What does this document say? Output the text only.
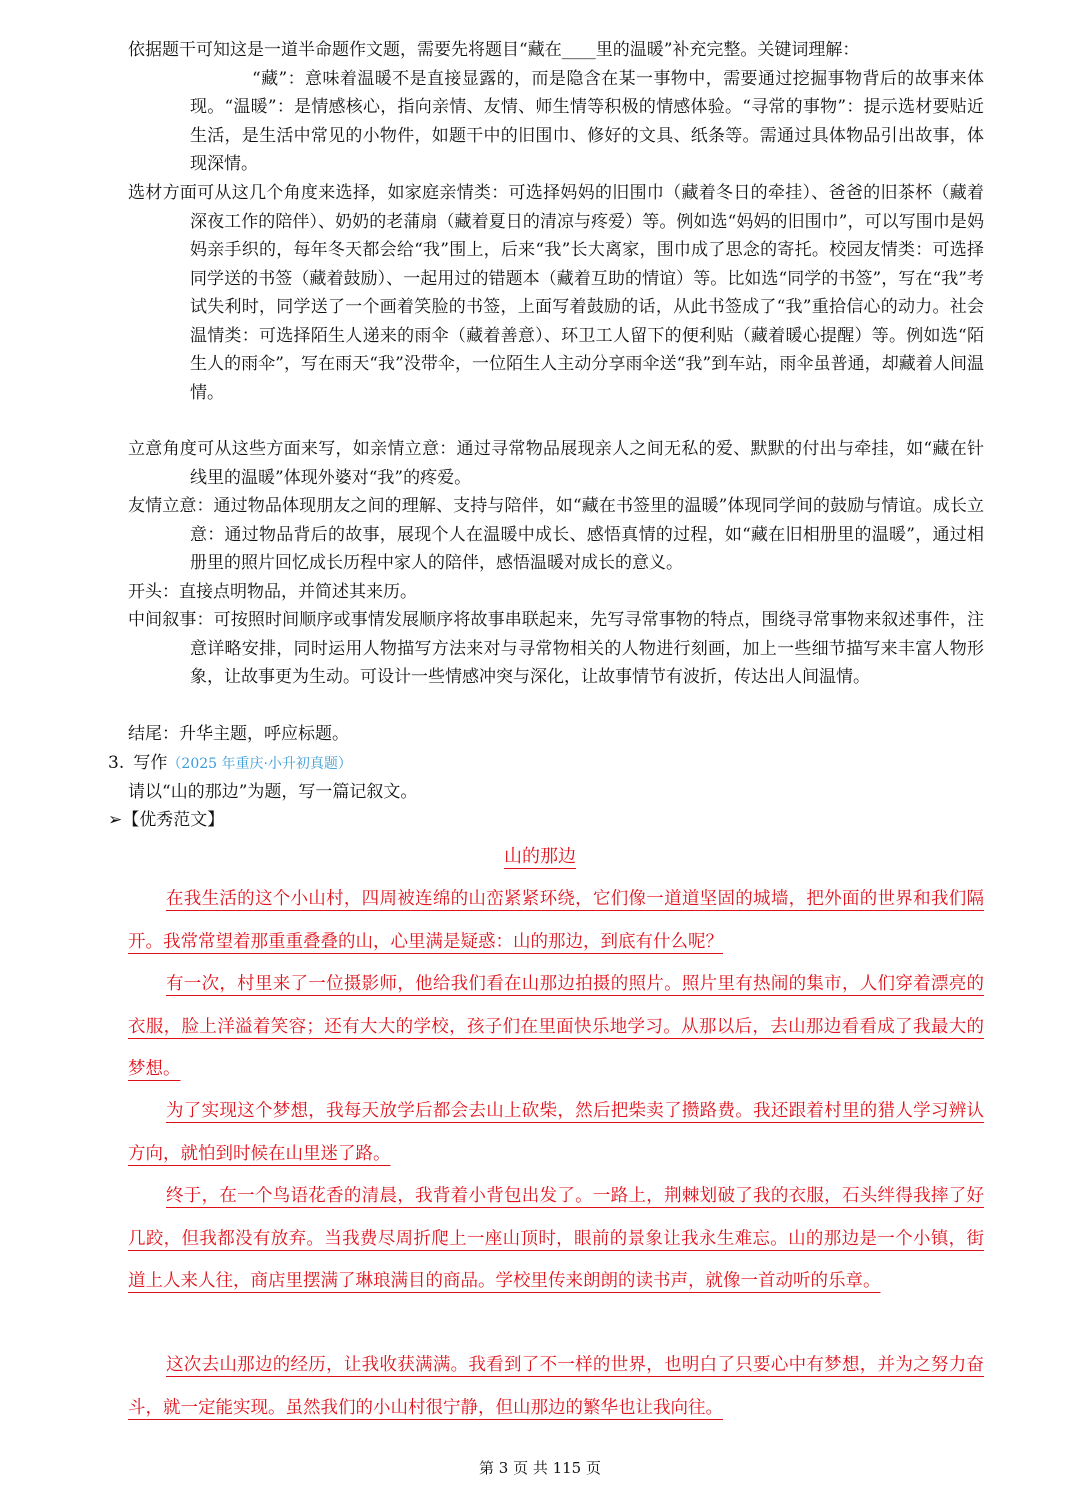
依据题干可知这是一道半命题作文题，需要先将题目“藏在____里的温暖”补充完整。关键词理解：
“藏”：意味着温暖不是直接显露的，而是隐含在某一事物中，需要通过挖掘事物背后的故事来体现。“温暖”：是情感核心，指向亲情、友情、师生情等积极的情感体验。“寻常的事物”：提示选材要贴近生活，是生活中常见的小物件，如题干中的旧围巾、修好的文具、纸条等。需通过具体物品引出故事，体现深情。
选材方面可从这几个角度来选择，如家庭亲情类：可选择妈妈的旧围巾（藏着冬日的牵挂）、爸爸的旧茶杯（藏着深夜工作的陪伴）、奶奶的老蒲扇（藏着夏日的清凉与疼爱）等。例如选“妈妈的旧围巾”，可以写围巾是妈妈亲手织的，每年冬天都会给“我”围上，后来“我”长大离家，围巾成了思念的寄托。校园友情类：可选择同学送的书签（藏着鼓励）、一起用过的错题本（藏着互助的情谊）等。比如选“同学的书签”，写在“我”考试失利时，同学送了一个画着笑脸的书签，上面写着鼓励的话，从此书签成了“我”重拾信心的动力。社会温情类：可选择陌生人递来的雨伞（藏着善意）、环卫工人留下的便利贴（藏着暖心提醒）等。例如选“陌生人的雨伞”，写在雨天“我”没带伞，一位陌生人主动分享雨伞送“我”到车站，雨伞虽普通，却藏着人间温情。
立意角度可从这些方面来写，如亲情立意：通过寻常物品展现亲人之间无私的爱、默默的付出与牵挂，如“藏在针线里的温暖”体现外婆对“我”的疼爱。
友情立意：通过物品体现朋友之间的理解、支持与陪伴，如“藏在书签里的温暖”体现同学间的鼓励与情谊。成长立意：通过物品背后的故事，展现个人在温暖中成长、感悟真情的过程，如“藏在旧相册里的温暖”，通过相册里的照片回忆成长历程中家人的陪伴，感悟温暖对成长的意义。
开头：直接点明物品，并简述其来历。
中间叙事：可按照时间顺序或事情发展顺序将故事串联起来，先写寻常事物的特点，围绕寻常事物来叙述事件，注意详略安排，同时运用人物描写方法来对与寻常物相关的人物进行刻画，加上一些细节描写来丰富人物形象，让故事更为生动。可设计一些情感冲突与深化，让故事情节有波折，传达出人间温情。
结尾：升华主题，呼应标题。
3. 写作（2025 年重庆·小升初真题）
请以“山的那边”为题，写一篇记叙文。
➢【优秀范文】
山的那边

在我生活的这个小山村，四周被连绵的山峦紧紧环绕，它们像一道道坚固的城墙，把外面的世界和我们隔开。我常常望着那重重叠叠的山，心里满是疑惑：山的那边，到底有什么呢？

有一次，村里来了一位摄影师，他给我们看在山那边拍摄的照片。照片里有热闹的集市，人们穿着漂亮的衣服，脸上洋溢着笑容；还有大大的学校，孩子们在里面快乐地学习。从那以后，去山那边看看成了我最大的梦想。

为了实现这个梦想，我每天放学后都会去山上砍柴，然后把柴卖了攒路费。我还跟着村里的猎人学习辨认方向，就怕到时候在山里迷了路。

终于，在一个鸟语花香的清晨，我背着小背包出发了。一路上，荆棘划破了我的衣服，石头绊得我摔了好几跤，但我都没有放弃。当我费尽周折爬上一座山顶时，眼前的景象让我永生难忘。山的那边是一个小镇，街道上人来人往，商店里摆满了琳琅满目的商品。学校里传来朗朗的读书声，就像一首动听的乐章。

这次去山那边的经历，让我收获满满。我看到了不一样的世界，也明白了只要心中有梦想，并为之努力奋斗，就一定能实现。虽然我们的小山村很宁静，但山那边的繁华也让我向往。

第 3 页 共 115 页
